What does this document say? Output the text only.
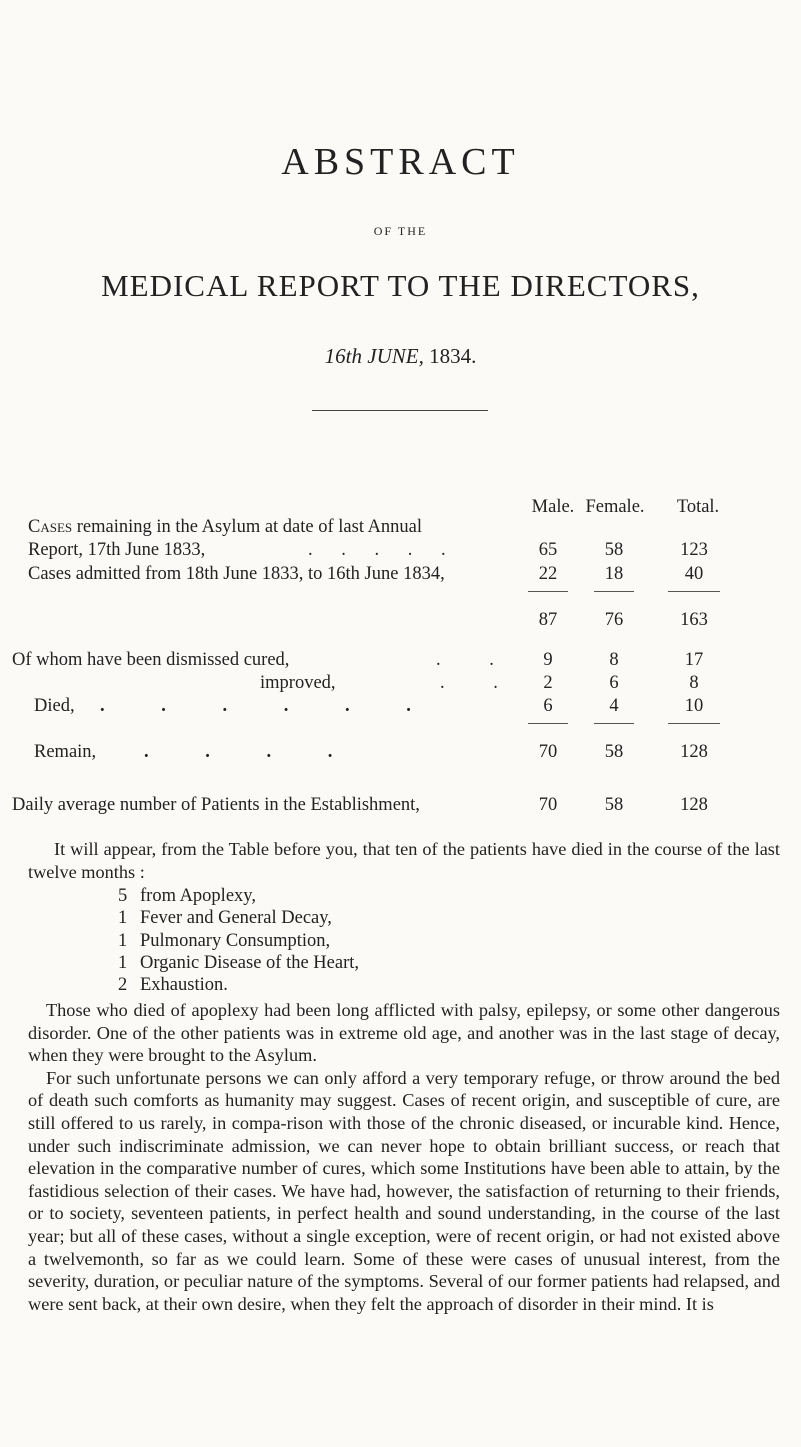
ABSTRACT
OF THE
MEDICAL REPORT TO THE DIRECTORS,
16th JUNE, 1834.
Male. Female.	Total.
Cases remaining in the Asylum at date of last Annual
Report, 17th June 1833,	. . . . .	65	58	123
Cases admitted from 18th June 1833, to 16th June 1834,	22	18	40
87	76	163
Of whom have been dismissed cured,	. .	9	8	17
improved,	. .	2	6	8
Died, . . . . . .	6	4	10
Remain,	. . . .	70	58	128
Daily average number of Patients in the Establishment,	70	58	128

It will appear, from the Table before you, that ten of the patients have died in the course of the last twelve months :

5 from Apoplexy,
1 Fever and General Decay,
1 Pulmonary Consumption,
1 Organic Disease of the Heart,
2 Exhaustion.

Those who died of apoplexy had been long afflicted with palsy, epilepsy, or some other dangerous disorder. One of the other patients was in extreme old age, and another was in the last stage of decay, when they were brought to the Asylum.

For such unfortunate persons we can only afford a very temporary refuge, or throw around the bed of death such comforts as humanity may suggest. Cases of recent origin, and susceptible of cure, are still offered to us rarely, in compa-rison with those of the chronic diseased, or incurable kind. Hence, under such indiscriminate admission, we can never hope to obtain brilliant success, or reach that elevation in the comparative number of cures, which some Institutions have been able to attain, by the fastidious selection of their cases. We have had, however, the satisfaction of returning to their friends, or to society, seventeen patients, in perfect health and sound understanding, in the course of the last year; but all of these cases, without a single exception, were of recent origin, or had not existed above a twelvemonth, so far as we could learn. Some of these were cases of unusual interest, from the severity, duration, or peculiar nature of the symptoms. Several of our former patients had relapsed, and were sent back, at their own desire, when they felt the approach of disorder in their mind. It is
